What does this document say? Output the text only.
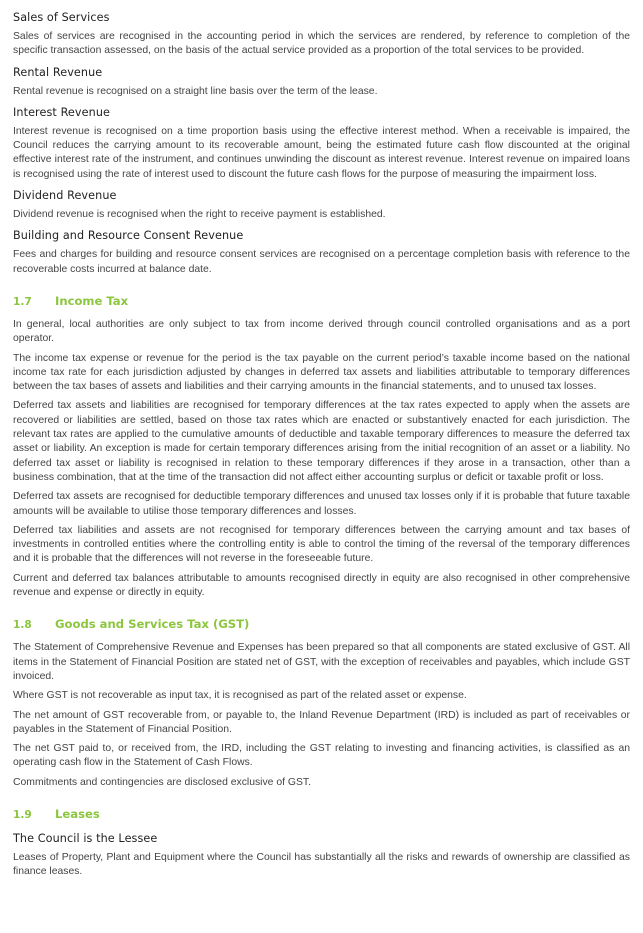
Sales of Services

Sales of services are recognised in the accounting period in which the services are rendered, by reference to completion of the specific transaction assessed, on the basis of the actual service provided as a proportion of the total services to be provided.

Rental Revenue

Rental revenue is recognised on a straight line basis over the term of the lease.

Interest Revenue

Interest revenue is recognised on a time proportion basis using the effective interest method. When a receivable is impaired, the Council reduces the carrying amount to its recoverable amount, being the estimated future cash flow discounted at the original effective interest rate of the instrument, and continues unwinding the discount as interest revenue. Interest revenue on impaired loans is recognised using the rate of interest used to discount the future cash flows for the purpose of measuring the impairment loss.

Dividend Revenue

Dividend revenue is recognised when the right to receive payment is established.

Building and Resource Consent Revenue

Fees and charges for building and resource consent services are recognised on a percentage completion basis with reference to the recoverable costs incurred at balance date.

1.7	Income Tax

In general, local authorities are only subject to tax from income derived through council controlled organisations and as a port operator.

The income tax expense or revenue for the period is the tax payable on the current period’s taxable income based on the national income tax rate for each jurisdiction adjusted by changes in deferred tax assets and liabilities attributable to temporary differences between the tax bases of assets and liabilities and their carrying amounts in the financial statements, and to unused tax losses.

Deferred tax assets and liabilities are recognised for temporary differences at the tax rates expected to apply when the assets are recovered or liabilities are settled, based on those tax rates which are enacted or substantively enacted for each jurisdiction. The relevant tax rates are applied to the cumulative amounts of deductible and taxable temporary differences to measure the deferred tax asset or liability. An exception is made for certain temporary differences arising from the initial recognition of an asset or a liability. No deferred tax asset or liability is recognised in relation to these temporary differences if they arose in a transaction, other than a business combination, that at the time of the transaction did not affect either accounting surplus or deficit or taxable profit or loss.

Deferred tax assets are recognised for deductible temporary differences and unused tax losses only if it is probable that future taxable amounts will be available to utilise those temporary differences and losses.

Deferred tax liabilities and assets are not recognised for temporary differences between the carrying amount and tax bases of investments in controlled entities where the controlling entity is able to control the timing of the reversal of the temporary differences and it is probable that the differences will not reverse in the foreseeable future.

Current and deferred tax balances attributable to amounts recognised directly in equity are also recognised in other comprehensive revenue and expense or directly in equity.

1.8	Goods and Services Tax (GST)

The Statement of Comprehensive Revenue and Expenses has been prepared so that all components are stated exclusive of GST. All items in the Statement of Financial Position are stated net of GST, with the exception of receivables and payables, which include GST invoiced.

Where GST is not recoverable as input tax, it is recognised as part of the related asset or expense.

The net amount of GST recoverable from, or payable to, the Inland Revenue Department (IRD) is included as part of receivables or payables in the Statement of Financial Position.

The net GST paid to, or received from, the IRD, including the GST relating to investing and financing activities, is classified as an operating cash flow in the Statement of Cash Flows.

Commitments and contingencies are disclosed exclusive of GST.

1.9	Leases
The Council is the Lessee

Leases of Property, Plant and Equipment where the Council has substantially all the risks and rewards of ownership are classified as finance leases.
